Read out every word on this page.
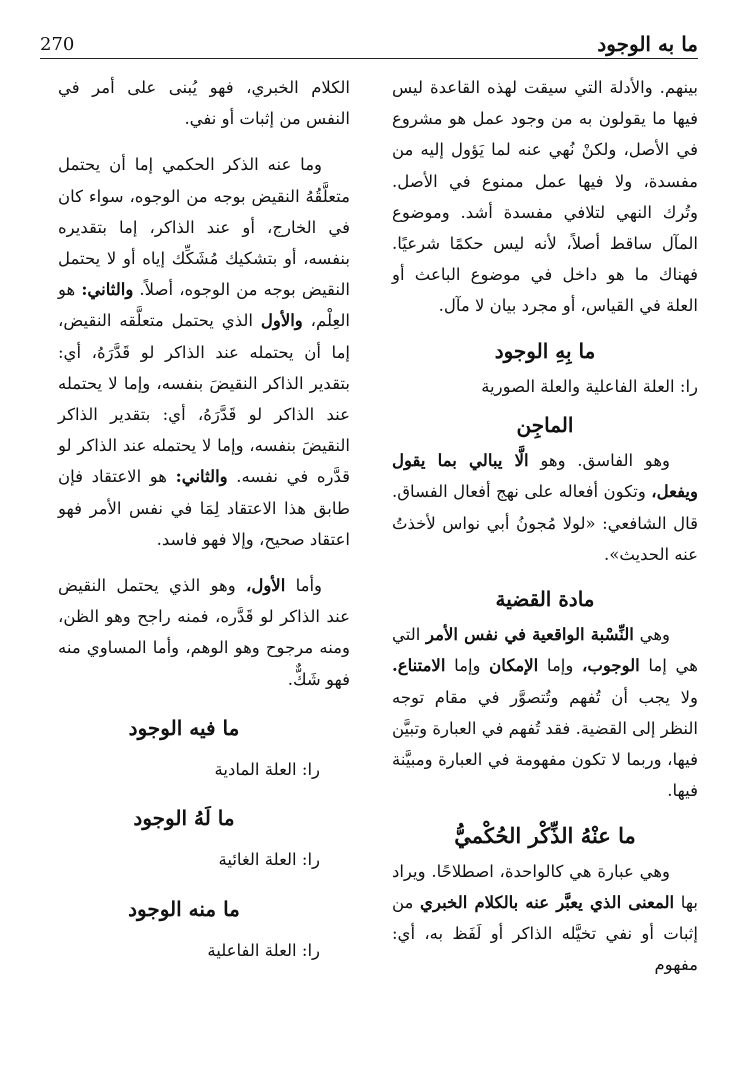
270	ما به الوجود

بينهم. والأدلة التي سيقت لهذه القاعدة ليس فيها ما يقولون به من وجود عمل هو مشروع في الأصل، ولكنْ نُهي عنه لما يَؤول إليه من مفسدة، ولا فيها عمل ممنوع في الأصل. وتُرك النهي لتلافي مفسدة أشد. وموضوع المآل ساقط أصلاً، لأنه ليس حكمًا شرعيًا. فهناك ما هو داخل في موضوع الباعث أو العلة في القياس، أو مجرد بيان لا مآل.

ما بِهِ الوجود

را: العلة الفاعلية والعلة الصورية

الماجِن

وهو الفاسق. وهو الَّا يبالي بما يقول ويفعل، وتكون أفعاله على نهج أفعال الفساق. قال الشافعي: «لولا مُجونُ أبي نواس لأخذتُ عنه الحديث».

مادة القضية

وهي النِّسْبة الواقعية في نفس الأمر التي هي إما الوجوب، وإما الإمكان وإما الامتناع. ولا يجب أن تُفهم وتُتصوَّر في مقام توجه النظر إلى القضية. فقد تُفهم في العبارة وتبيَّن فيها، وربما لا تكون مفهومة في العبارة ومبيَّنة فيها.

ما عنْهُ الذِّكْر الحُكْميُّ

وهي عبارة هي كالواحدة، اصطلاحًا. ويراد بها المعنى الذي يعبَّر عنه بالكلام الخبري من إثبات أو نفي تخيَّله الذاكر أو لَفَظ به، أي: مفهوم

الكلام الخبري، فهو يُبنى على أمر في النفس من إثبات أو نفي.

وما عنه الذكر الحكمي إما أن يحتمل متعلَّقُهُ النقيض بوجه من الوجوه، سواء كان في الخارج، أو عند الذاكر، إما بتقديره بنفسه، أو بتشكيك مُشَكِّك إياه أو لا يحتمل النقيض بوجه من الوجوه، أصلاً. والثاني: هو العِلْم، والأول الذي يحتمل متعلَّقه النقيض، إما أن يحتمله عند الذاكر لو قَدَّرَهُ، أي: بتقدير الذاكر النقيضَ بنفسه، وإما لا يحتمله عند الذاكر لو قَدَّرَهُ، أي: بتقدير الذاكر النقيضَ بنفسه، وإما لا يحتمله عند الذاكر لو قدَّره في نفسه. والثاني: هو الاعتقاد فإن طابق هذا الاعتقاد لِمَا في نفس الأمر فهو اعتقاد صحيح، وإلا فهو فاسد.

وأما الأول، وهو الذي يحتمل النقيض عند الذاكر لو قَدَّره، فمنه راجح وهو الظن، ومنه مرجوح وهو الوهم، وأما المساوي منه فهو شَكٌّ.

ما فيه الوجود

را: العلة المادية

ما لَهُ الوجود

را: العلة الغائية

ما منه الوجود

را: العلة الفاعلية
